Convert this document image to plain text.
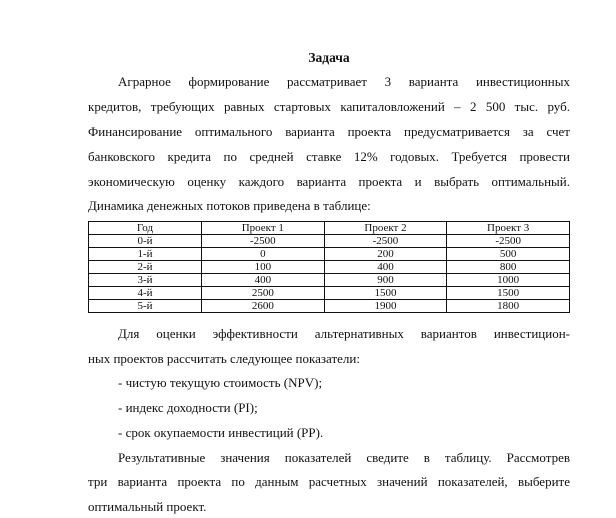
Задача
Аграрное формирование рассматривает 3 варианта инвестиционных
кредитов, требующих равных стартовых капиталовложений – 2 500 тыс. руб.
Финансирование оптимального варианта проекта предусматривается за счет
банковского кредита по средней ставке 12% годовых. Требуется провести
экономическую оценку каждого варианта проекта и выбрать оптимальный.
Динамика денежных потоков приведена в таблице:
Год	Проект 1	Проект 2	Проект 3
0-й	-2500	-2500	-2500
1-й	0	200	500
2-й	100	400	800
3-й	400	900	1000
4-й	2500	1500	1500
5-й	2600	1900	1800
Для оценки эффективности альтернативных вариантов инвестицион-
ных проектов рассчитать следующее показатели:
- чистую текущую стоимость (NPV);
- индекс доходности (PI);
- срок окупаемости инвестиций (PP).
Результативные значения показателей сведите в таблицу. Рассмотрев
три варианта проекта по данным расчетных значений показателей, выберите
оптимальный проект.
